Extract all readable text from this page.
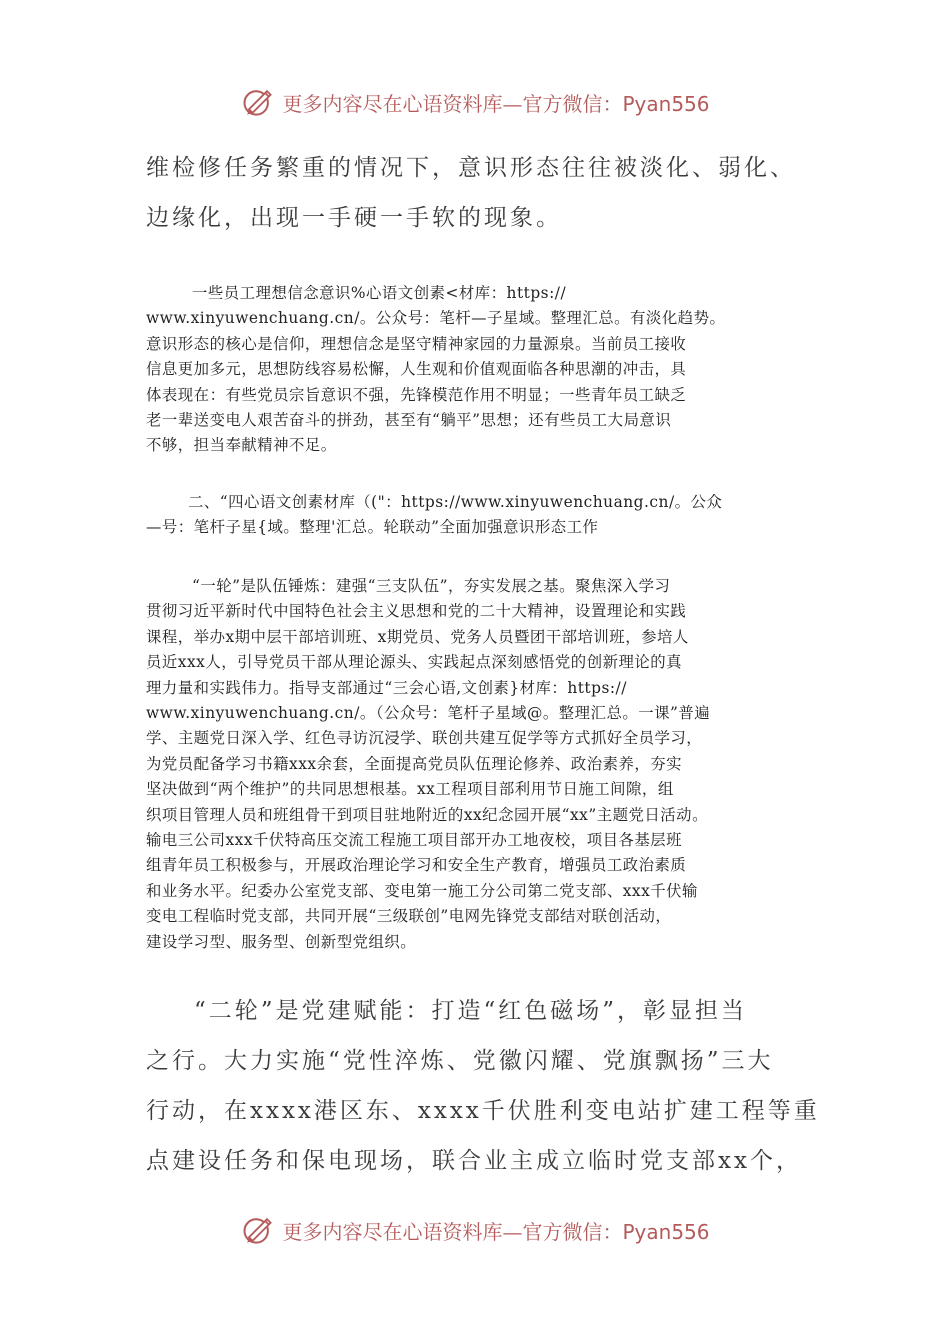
更多内容尽在心语资料库—官方微信：Pyan556
维检修任务繁重的情况下，意识形态往往被淡化、弱化、
边缘化，出现一手硬一手软的现象。
一些员工理想信念意识%心语文创素<材库：https://
www.xinyuwenchuang.cn/。公众号：笔杆—子星域。整理汇总。有淡化趋势。
意识形态的核心是信仰，理想信念是坚守精神家园的力量源泉。当前员工接收
信息更加多元，思想防线容易松懈，人生观和价值观面临各种思潮的冲击，具
体表现在：有些党员宗旨意识不强，先锋模范作用不明显；一些青年员工缺乏
老一辈送变电人艰苦奋斗的拼劲，甚至有“躺平”思想；还有些员工大局意识
不够，担当奉献精神不足。
二、“四心语文创素材库（("：https://www.xinyuwenchuang.cn/。公众
—号：笔杆子星{域。整理'汇总。轮联动”全面加强意识形态工作
“一轮”是队伍锤炼：建强“三支队伍”，夯实发展之基。聚焦深入学习
贯彻习近平新时代中国特色社会主义思想和党的二十大精神，设置理论和实践
课程，举办x期中层干部培训班、x期党员、党务人员暨团干部培训班，参培人
员近xxx人，引导党员干部从理论源头、实践起点深刻感悟党的创新理论的真
理力量和实践伟力。指导支部通过“三会心语,文创素}材库：https://
www.xinyuwenchuang.cn/。（公众号：笔杆子星域@。整理汇总。一课”普遍
学、主题党日深入学、红色寻访沉浸学、联创共建互促学等方式抓好全员学习，
为党员配备学习书籍xxx余套，全面提高党员队伍理论修养、政治素养，夯实
坚决做到“两个维护”的共同思想根基。xx工程项目部利用节日施工间隙，组
织项目管理人员和班组骨干到项目驻地附近的xx纪念园开展“xx”主题党日活动。
输电三公司xxx千伏特高压交流工程施工项目部开办工地夜校，项目各基层班
组青年员工积极参与，开展政治理论学习和安全生产教育，增强员工政治素质
和业务水平。纪委办公室党支部、变电第一施工分公司第二党支部、xxx千伏输
变电工程临时党支部，共同开展“三级联创”电网先锋党支部结对联创活动，
建设学习型、服务型、创新型党组织。
“二轮”是党建赋能：打造“红色磁场”，彰显担当
之行。大力实施“党性淬炼、党徽闪耀、党旗飘扬”三大
行动，在xxxx港区东、xxxx千伏胜利变电站扩建工程等重
点建设任务和保电现场，联合业主成立临时党支部xx个，
更多内容尽在心语资料库—官方微信：Pyan556
